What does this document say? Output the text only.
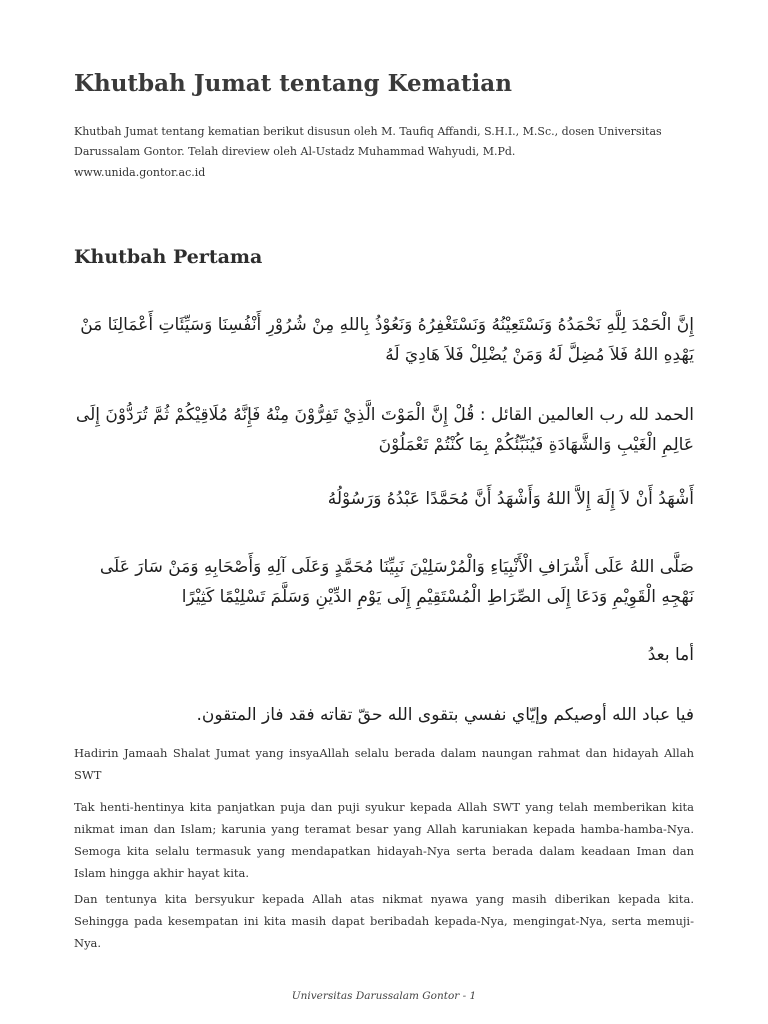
Khutbah Jumat tentang Kematian

Khutbah Jumat tentang kematian berikut disusun oleh M. Taufiq Affandi, S.H.I., M.Sc., dosen Universitas Darussalam Gontor. Telah direview oleh Al-Ustadz Muhammad Wahyudi, M.Pd.

www.unida.gontor.ac.id

Khutbah Pertama

إِنَّ الْحَمْدَ لِلَّهِ نَحْمَدُهُ وَنَسْتَعِيْنُهُ وَنَسْتَغْفِرُهُ وَنَعُوْذُ بِاللهِ مِنْ شُرُوْرِ أَنْفُسِنَا وَسَيِّئَاتِ أَعْمَالِنَا مَنْ يَهْدِهِ اللهُ فَلاَ مُضِلَّ لَهُ وَمَنْ يُضْلِلْ فَلاَ هَادِيَ لَهُ

الحمد لله رب العالمين القائل : قُلْ إِنَّ الْمَوْتَ الَّذِيْ تَفِرُّوْنَ مِنْهُ فَإِنَّهُ مُلَاقِيْكُمْ ثُمَّ تُرَدُّوْنَ إِلَى عَالِمِ الْغَيْبِ وَالشَّهَادَةِ فَيُنَبِّئُكُمْ بِمَا كُنْتُمْ تَعْمَلُوْنَ

أَشْهَدُ أَنْ لاَ إِلَهَ إِلاَّ اللهُ وَأَشْهَدُ أَنَّ مُحَمَّدًا عَبْدُهُ وَرَسُوْلُهُ

صَلَّى اللهُ عَلَى أَشْرَافِ الْأَنْبِيَاءِ وَالْمُرْسَلِيْنَ نَبِيِّنَا مُحَمَّدٍ وَعَلَى آلِهِ وَأَصْحَابِهِ وَمَنْ سَارَ عَلَى نَهْجِهِ الْقَوِيْمِ وَدَعَا إِلَى الصِّرَاطِ الْمُسْتَقِيْمِ إِلَى يَوْمِ الدِّيْنِ وَسَلَّمَ تَسْلِيْمًا كَثِيْرًا

أما بعدُ

فيا عباد الله أوصيكم وإيّاي نفسي بتقوى الله حقّ تقاته فقد فاز المتقون.

Hadirin Jamaah Shalat Jumat yang insyaAllah selalu berada dalam naungan rahmat dan hidayah Allah SWT

Tak henti-hentinya kita panjatkan puja dan puji syukur kepada Allah SWT yang telah memberikan kita nikmat iman dan Islam; karunia yang teramat besar yang Allah karuniakan kepada hamba-hamba-Nya. Semoga kita selalu termasuk yang mendapatkan hidayah-Nya serta berada dalam keadaan Iman dan Islam hingga akhir hayat kita.

Dan tentunya kita bersyukur kepada Allah atas nikmat nyawa yang masih diberikan kepada kita. Sehingga pada kesempatan ini kita masih dapat beribadah kepada-Nya, mengingat-Nya, serta memuji-Nya.

Universitas Darussalam Gontor - 1
